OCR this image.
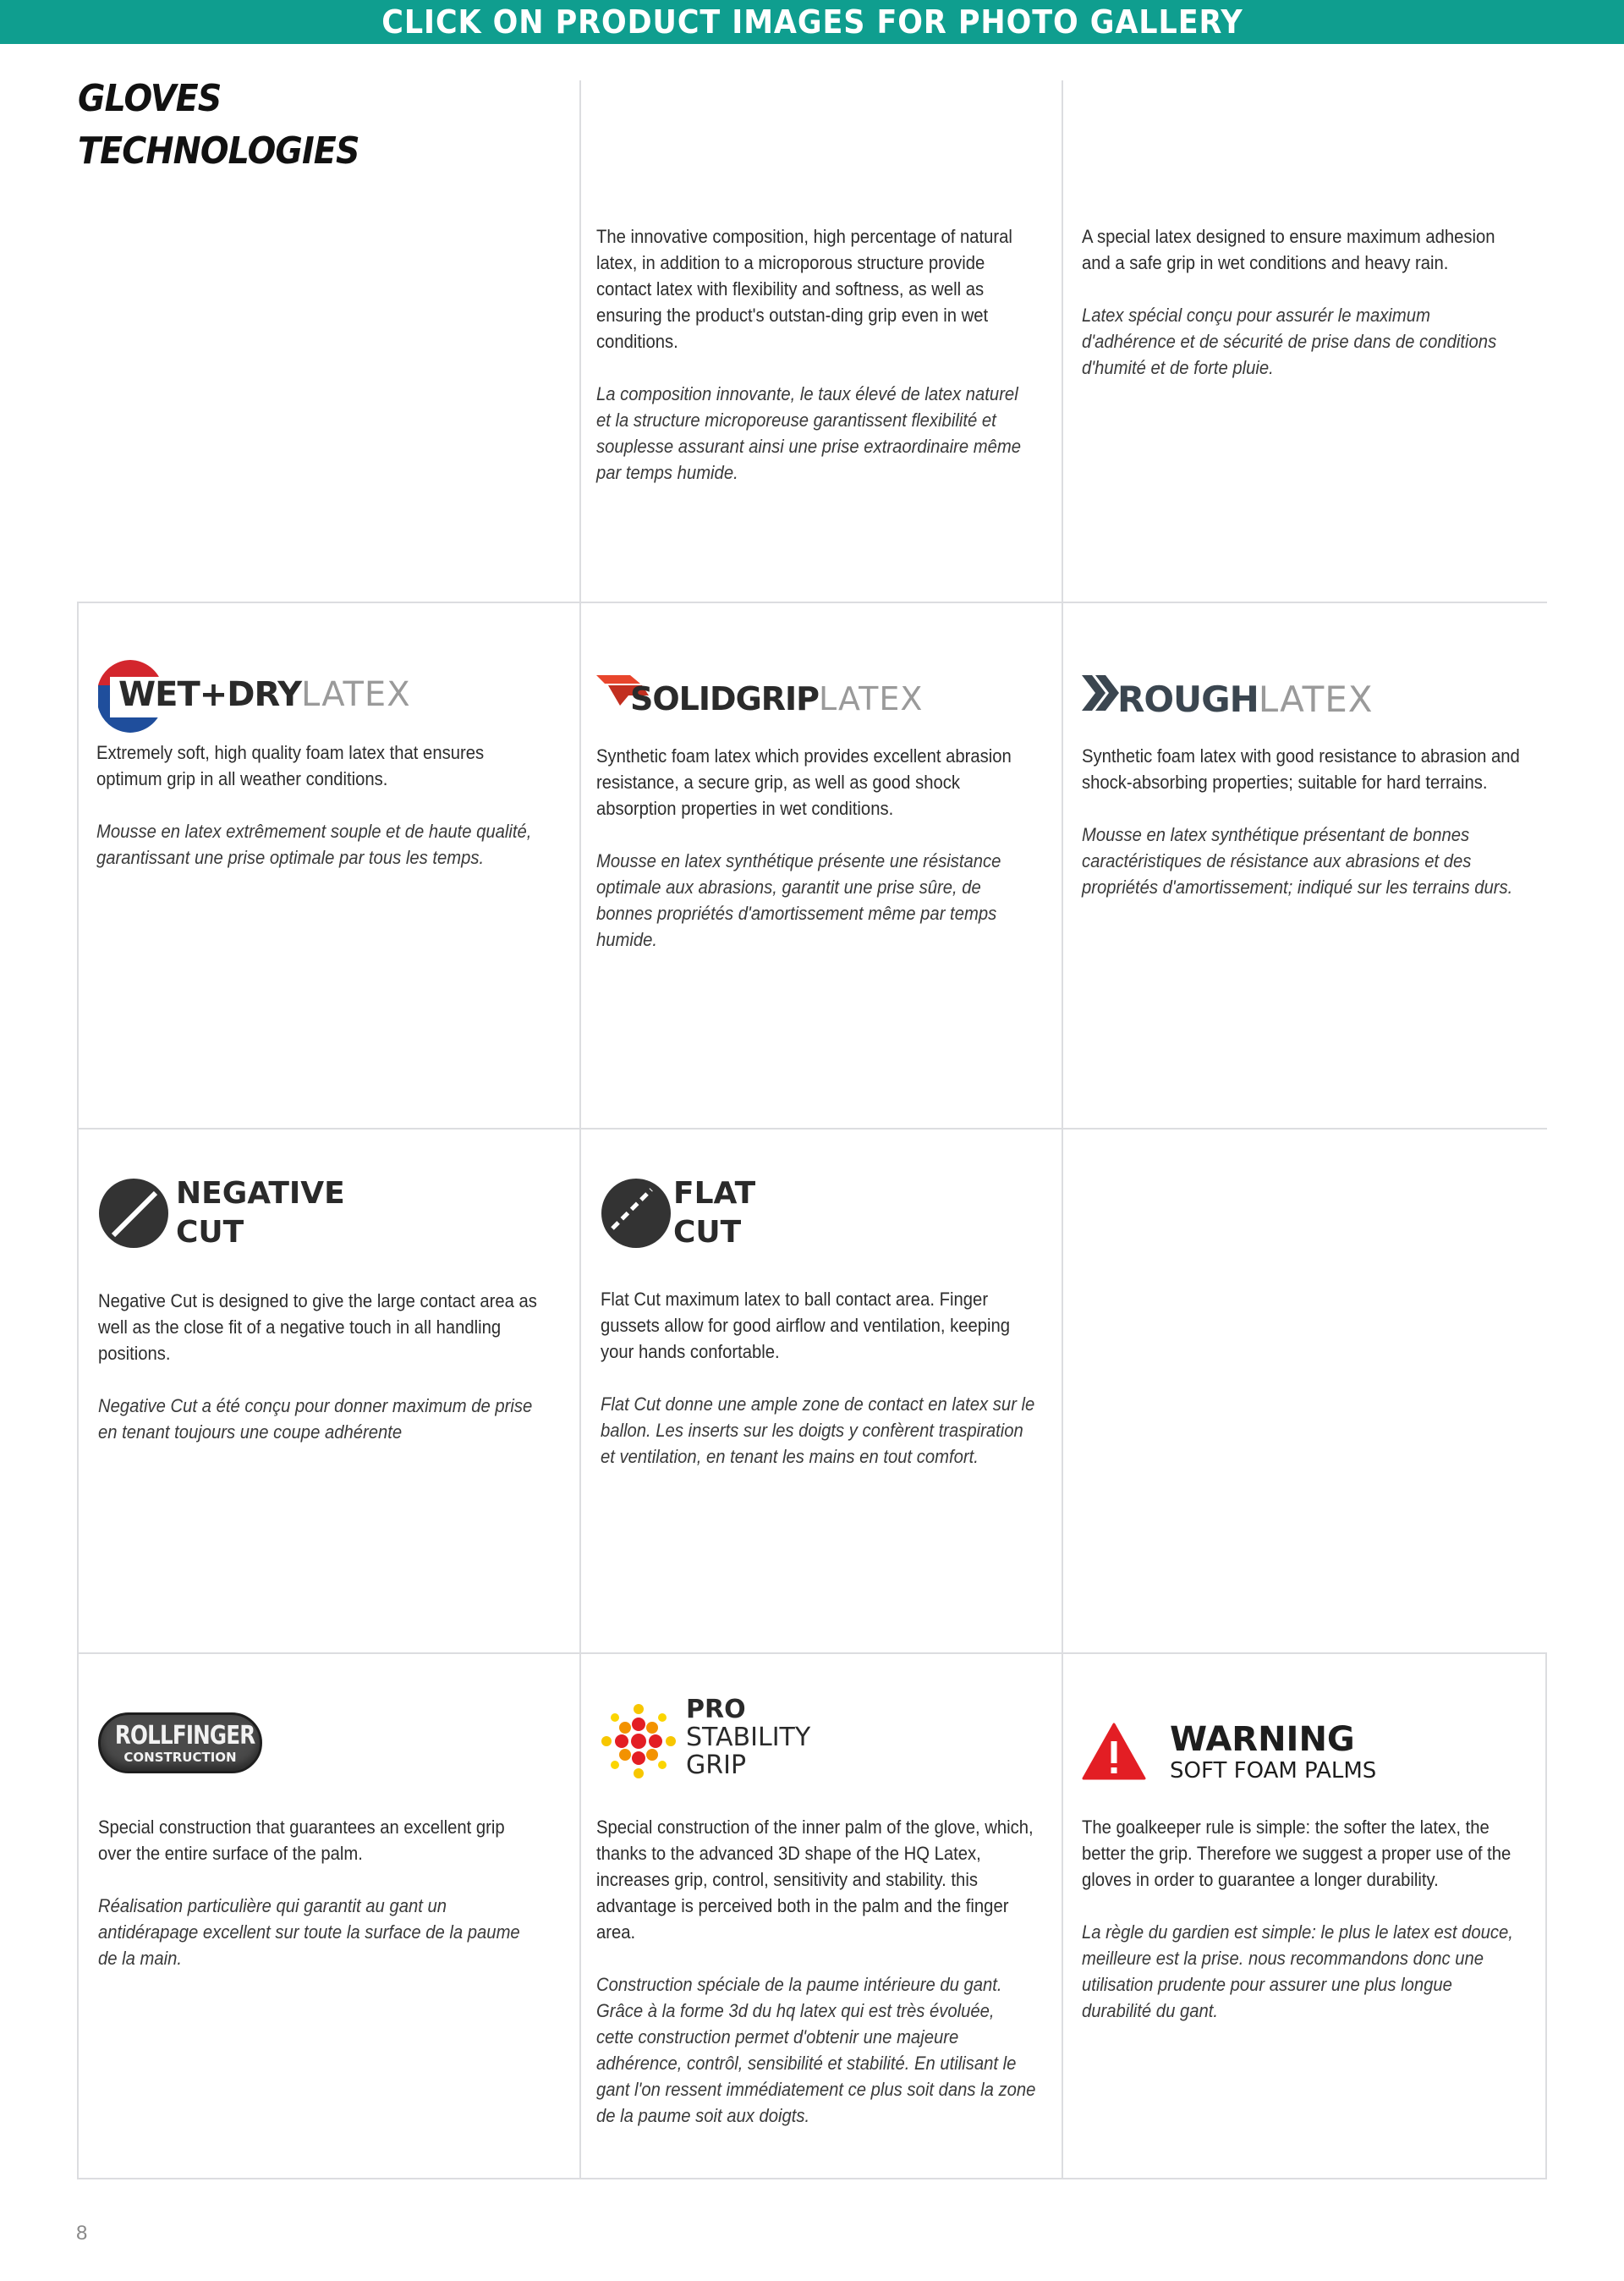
CLICK ON PRODUCT IMAGES FOR PHOTO GALLERY
GLOVES
TECHNOLOGIES

The innovative composition, high percentage of natural latex, in addition to a microporous structure provide contact latex with flexibility and softness, as well as ensuring the product's outstan-ding grip even in wet conditions.

La composition innovante, le taux élevé de latex naturel et la structure microporeuse garantissent flexibilité et souplesse assurant ainsi une prise extraordinaire même par temps humide.

A special latex designed to ensure maximum adhesion and a safe grip in wet conditions and heavy rain.

Latex spécial conçu pour assurér le maximum d'adhérence et de sécurité de prise dans de conditions d'humité et de forte pluie.

WET+DRYLATEX

Extremely soft, high quality foam latex that ensures optimum grip in all weather conditions.

Mousse en latex extrêmement souple et de haute qualité, garantissant une prise optimale par tous les temps.

SOLIDGRIPLATEX

Synthetic foam latex which provides excellent abrasion resistance, a secure grip, as well as good shock absorption properties in wet conditions.

Mousse en latex synthétique présente une résistance optimale aux abrasions, garantit une prise sûre, de bonnes propriétés d'amortissement même par temps humide.

ROUGHLATEX

Synthetic foam latex with good resistance to abrasion and shock-absorbing properties; suitable for hard terrains.

Mousse en latex synthétique présentant de bonnes caractéristiques de résistance aux abrasions et des propriétés d'amortissement; indiqué sur les terrains durs.

NEGATIVE
CUT

Negative Cut is designed to give the large contact area as well as the close fit of a negative touch in all handling positions.

Negative Cut a été conçu pour donner maximum de prise en tenant toujours une coupe adhérente

FLAT
CUT

Flat Cut maximum latex to ball contact area. Finger gussets allow for good airflow and ventilation, keeping your hands confortable.

Flat Cut donne une ample zone de contact en latex sur le ballon. Les inserts sur les doigts y confèrent traspiration et ventilation, en tenant les mains en tout comfort.

ROLLFINGER
CONSTRUCTION

Special construction that guarantees an excellent grip over the entire surface of the palm.

Réalisation particulière qui garantit au gant un antidérapage excellent sur toute la surface de la paume de la main.

PRO
STABILITY
GRIP

Special construction of the inner palm of the glove, which, thanks to the advanced 3D shape of the HQ Latex, increases grip, control, sensitivity and stability. this advantage is perceived both in the palm and the finger area.

Construction spéciale de la paume intérieure du gant. Grâce à la forme 3d du hq latex qui est très évoluée, cette construction permet d'obtenir une majeure adhérence, contrôl, sensibilité et stabilité. En utilisant le gant l'on ressent immédiatement ce plus soit dans la zone de la paume soit aux doigts.

WARNING
SOFT FOAM PALMS

The goalkeeper rule is simple: the softer the latex, the better the grip. Therefore we suggest a proper use of the gloves in order to guarantee a longer durability.

La règle du gardien est simple: le plus le latex est douce, meilleure est la prise. nous recommandons donc une utilisation prudente pour assurer une plus longue durabilité du gant.

8
